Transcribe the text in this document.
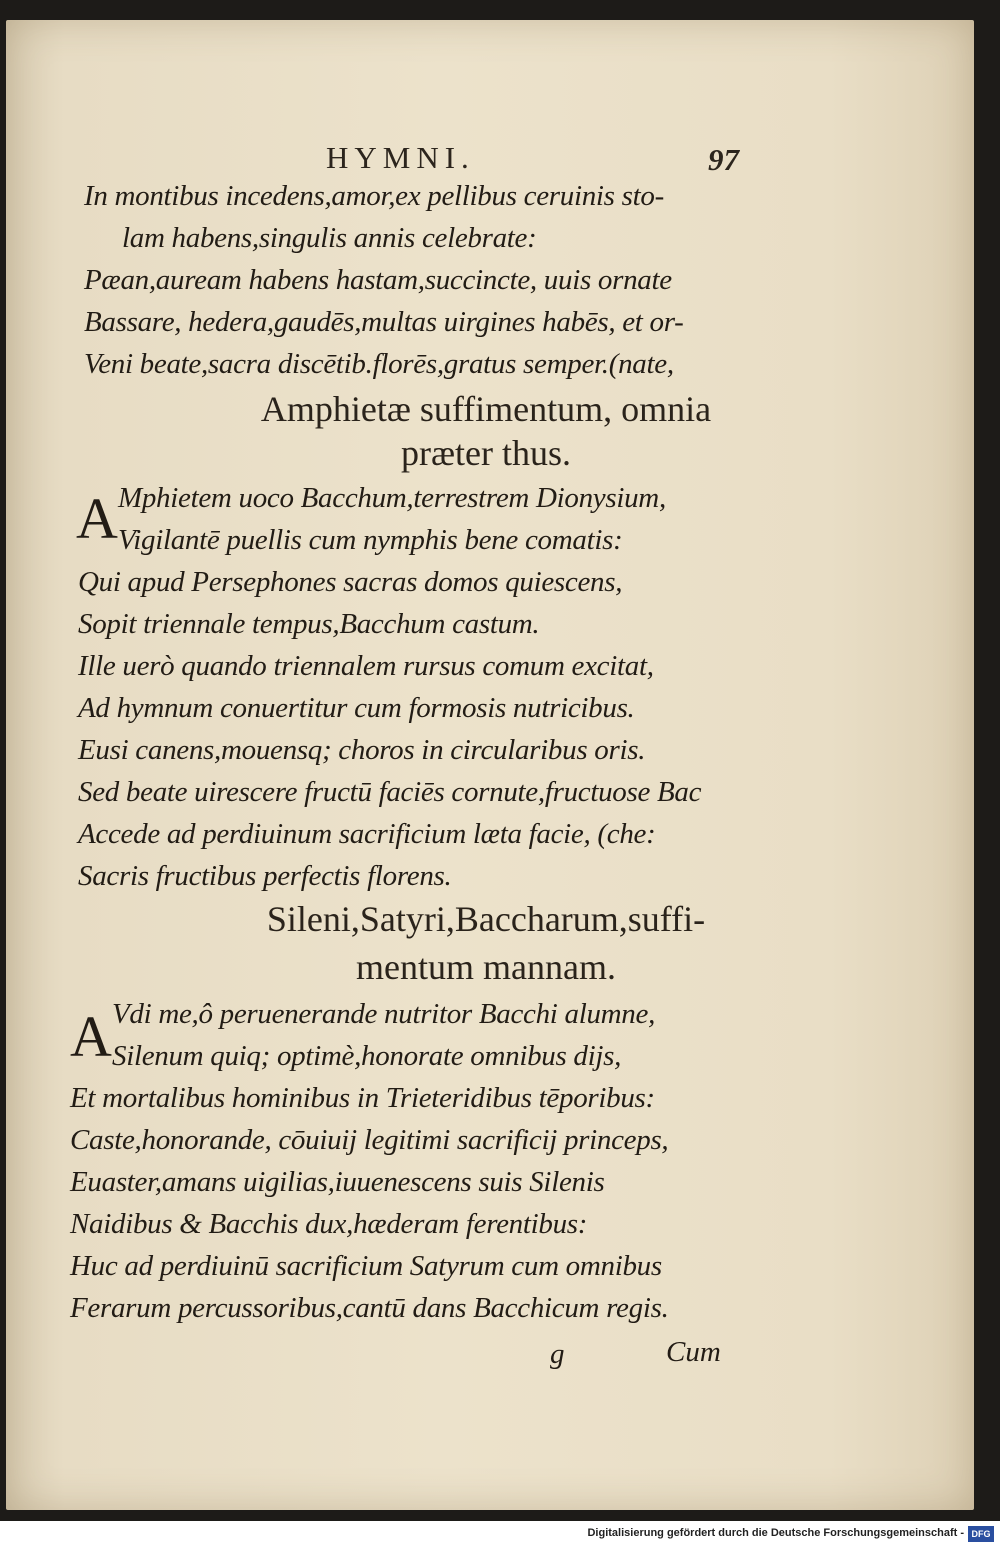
HYMNI.	97
In montibus incedens,amor,ex pellibus ceruinis sto-
lam habens,singulis annis celebrate:
Pæan,auream habens hastam,succincte, uuis ornate
Bassare, hedera,gaudēs,multas uirgines habēs, et or-
Veni beate,sacra discētib.florēs,gratus semper.(nate,
Amphietæ suffimentum, omnia
præter thus.
A Mphietem uoco Bacchum,terrestrem Dionysium,
Vigilantē puellis cum nymphis bene comatis:
Qui apud Persephones sacras domos quiescens,
Sopit triennale tempus,Bacchum castum.
Ille uerò quando triennalem rursus comum excitat,
Ad hymnum conuertitur cum formosis nutricibus.
Eusi canens,mouensq; choros in circularibus oris.
Sed beate uirescere fructū faciēs cornute,fructuose Bac
Accede ad perdiuinum sacrificium læta facie, (che:
Sacris fructibus perfectis florens.
Sileni,Satyri,Baccharum,suffi-
mentum mannam.
A Vdi me,ô peruenerande nutritor Bacchi alumne,
Silenum quiq; optimè,honorate omnibus dijs,
Et mortalibus hominibus in Trieteridibus tēporibus:
Caste,honorande, cōuiuij legitimi sacrificij princeps,
Euaster,amans uigilias,iuuenescens suis Silenis
Naidibus & Bacchis dux,hæderam ferentibus:
Huc ad perdiuinū sacrificium Satyrum cum omnibus
Ferarum percussoribus,cantū dans Bacchicum regis.
g	Cum
Digitalisierung gefördert durch die Deutsche Forschungsgemeinschaft - DFG
